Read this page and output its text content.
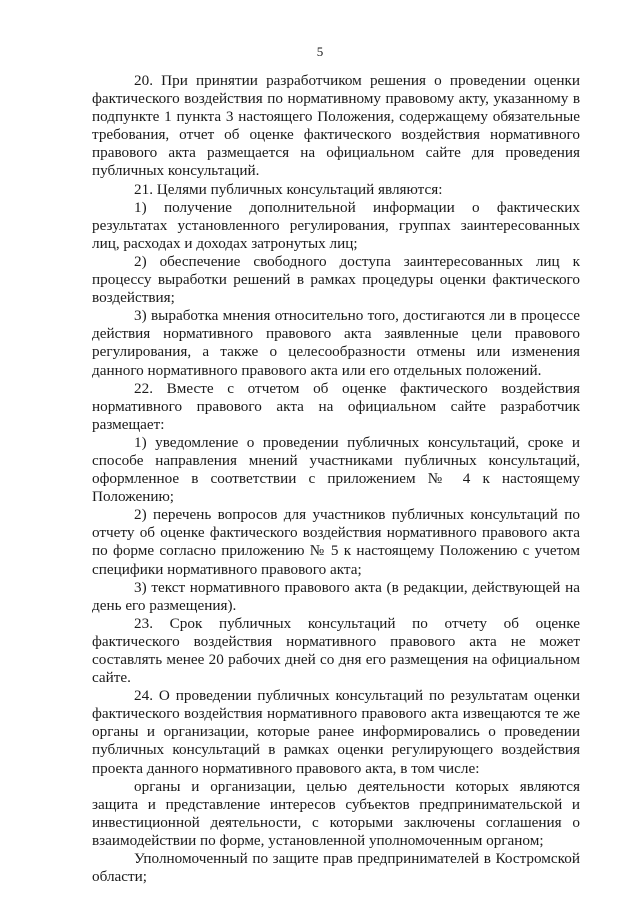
5

20. При принятии разработчиком решения о проведении оценки фактического воздействия по нормативному правовому акту, указанному в подпункте 1 пункта 3 настоящего Положения, содержащему обязательные требования, отчет об оценке фактического воздействия нормативного правового акта размещается на официальном сайте для проведения публичных консультаций.

21. Целями публичных консультаций являются:

1) получение дополнительной информации о фактических результатах установленного регулирования, группах заинтересованных лиц, расходах и доходах затронутых лиц;

2) обеспечение свободного доступа заинтересованных лиц к процессу выработки решений в рамках процедуры оценки фактического воздействия;

3) выработка мнения относительно того, достигаются ли в процессе действия нормативного правового акта заявленные цели правового регулирования, а также о целесообразности отмены или изменения данного нормативного правового акта или его отдельных положений.

22. Вместе с отчетом об оценке фактического воздействия нормативного правового акта на официальном сайте разработчик размещает:

1) уведомление о проведении публичных консультаций, сроке и способе направления мнений участниками публичных консультаций, оформленное в соответствии с приложением № 4 к настоящему Положению;

2) перечень вопросов для участников публичных консультаций по отчету об оценке фактического воздействия нормативного правового акта по форме согласно приложению № 5 к настоящему Положению с учетом специфики нормативного правового акта;

3) текст нормативного правового акта (в редакции, действующей на день его размещения).

23. Срок публичных консультаций по отчету об оценке фактического воздействия нормативного правового акта не может составлять менее 20 рабочих дней со дня его размещения на официальном сайте.

24. О проведении публичных консультаций по результатам оценки фактического воздействия нормативного правового акта извещаются те же органы и организации, которые ранее информировались о проведении публичных консультаций в рамках оценки регулирующего воздействия проекта данного нормативного правового акта, в том числе:

органы и организации, целью деятельности которых являются защита и представление интересов субъектов предпринимательской и инвестиционной деятельности, с которыми заключены соглашения о взаимодействии по форме, установленной уполномоченным органом;

Уполномоченный по защите прав предпринимателей в Костромской области;
